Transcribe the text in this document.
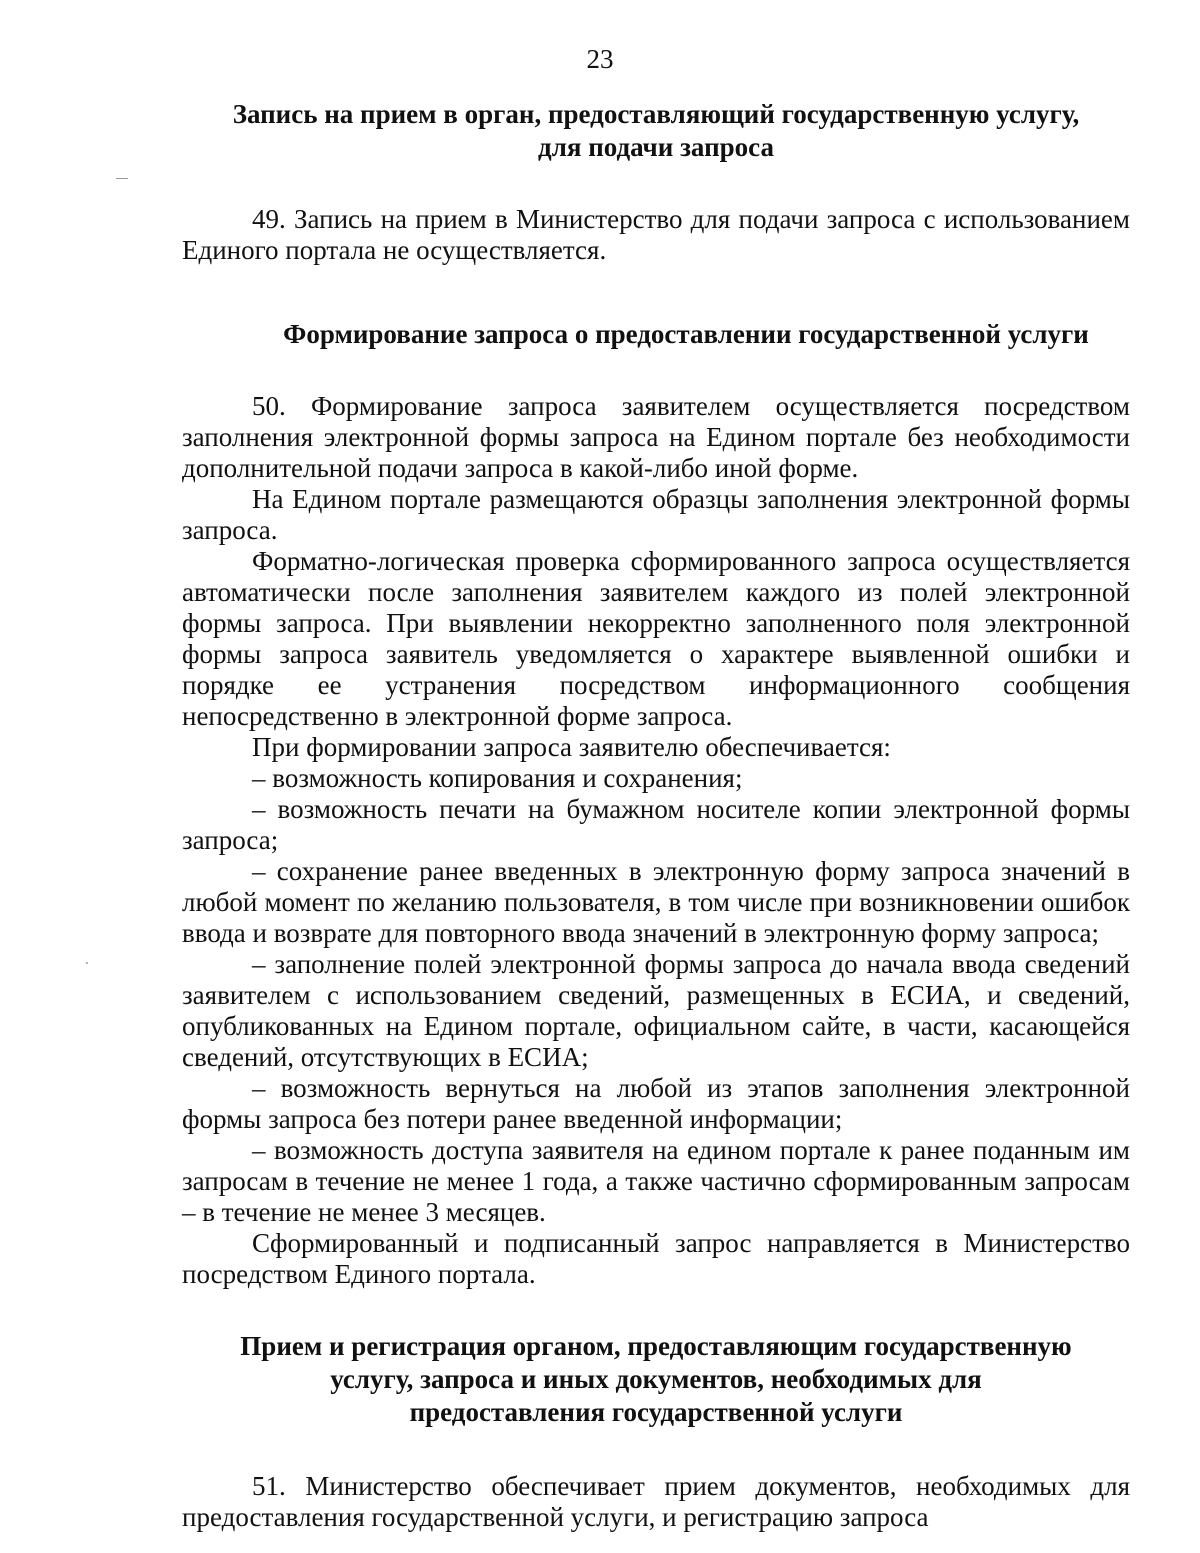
23
Запись на прием в орган, предоставляющий государственную услугу,
для подачи запроса

49. Запись на прием в Министерство для подачи запроса с использованием Единого портала не осуществляется.

Формирование запроса о предоставлении государственной услуги

50. Формирование запроса заявителем осуществляется посредством заполнения электронной формы запроса на Едином портале без необходимости дополнительной подачи запроса в какой-либо иной форме.

На Едином портале размещаются образцы заполнения электронной формы запроса.

Форматно-логическая проверка сформированного запроса осуществляется автоматически после заполнения заявителем каждого из полей электронной формы запроса. При выявлении некорректно заполненного поля электронной формы запроса заявитель уведомляется о характере выявленной ошибки и порядке ее устранения посредством информационного сообщения непосредственно в электронной форме запроса.

При формировании запроса заявителю обеспечивается:

– возможность копирования и сохранения;

– возможность печати на бумажном носителе копии электронной формы запроса;

– сохранение ранее введенных в электронную форму запроса значений в любой момент по желанию пользователя, в том числе при возникновении ошибок ввода и возврате для повторного ввода значений в электронную форму запроса;

– заполнение полей электронной формы запроса до начала ввода сведений заявителем с использованием сведений, размещенных в ЕСИА, и сведений, опубликованных на Едином портале, официальном сайте, в части, касающейся сведений, отсутствующих в ЕСИА;

– возможность вернуться на любой из этапов заполнения электронной формы запроса без потери ранее введенной информации;

– возможность доступа заявителя на едином портале к ранее поданным им запросам в течение не менее 1 года, а также частично сформированным запросам – в течение не менее 3 месяцев.

Сформированный и подписанный запрос направляется в Министерство посредством Единого портала.

Прием и регистрация органом, предоставляющим государственную
услугу, запроса и иных документов, необходимых для
предоставления государственной услуги

51. Министерство обеспечивает прием документов, необходимых для предоставления государственной услуги, и регистрацию запроса
